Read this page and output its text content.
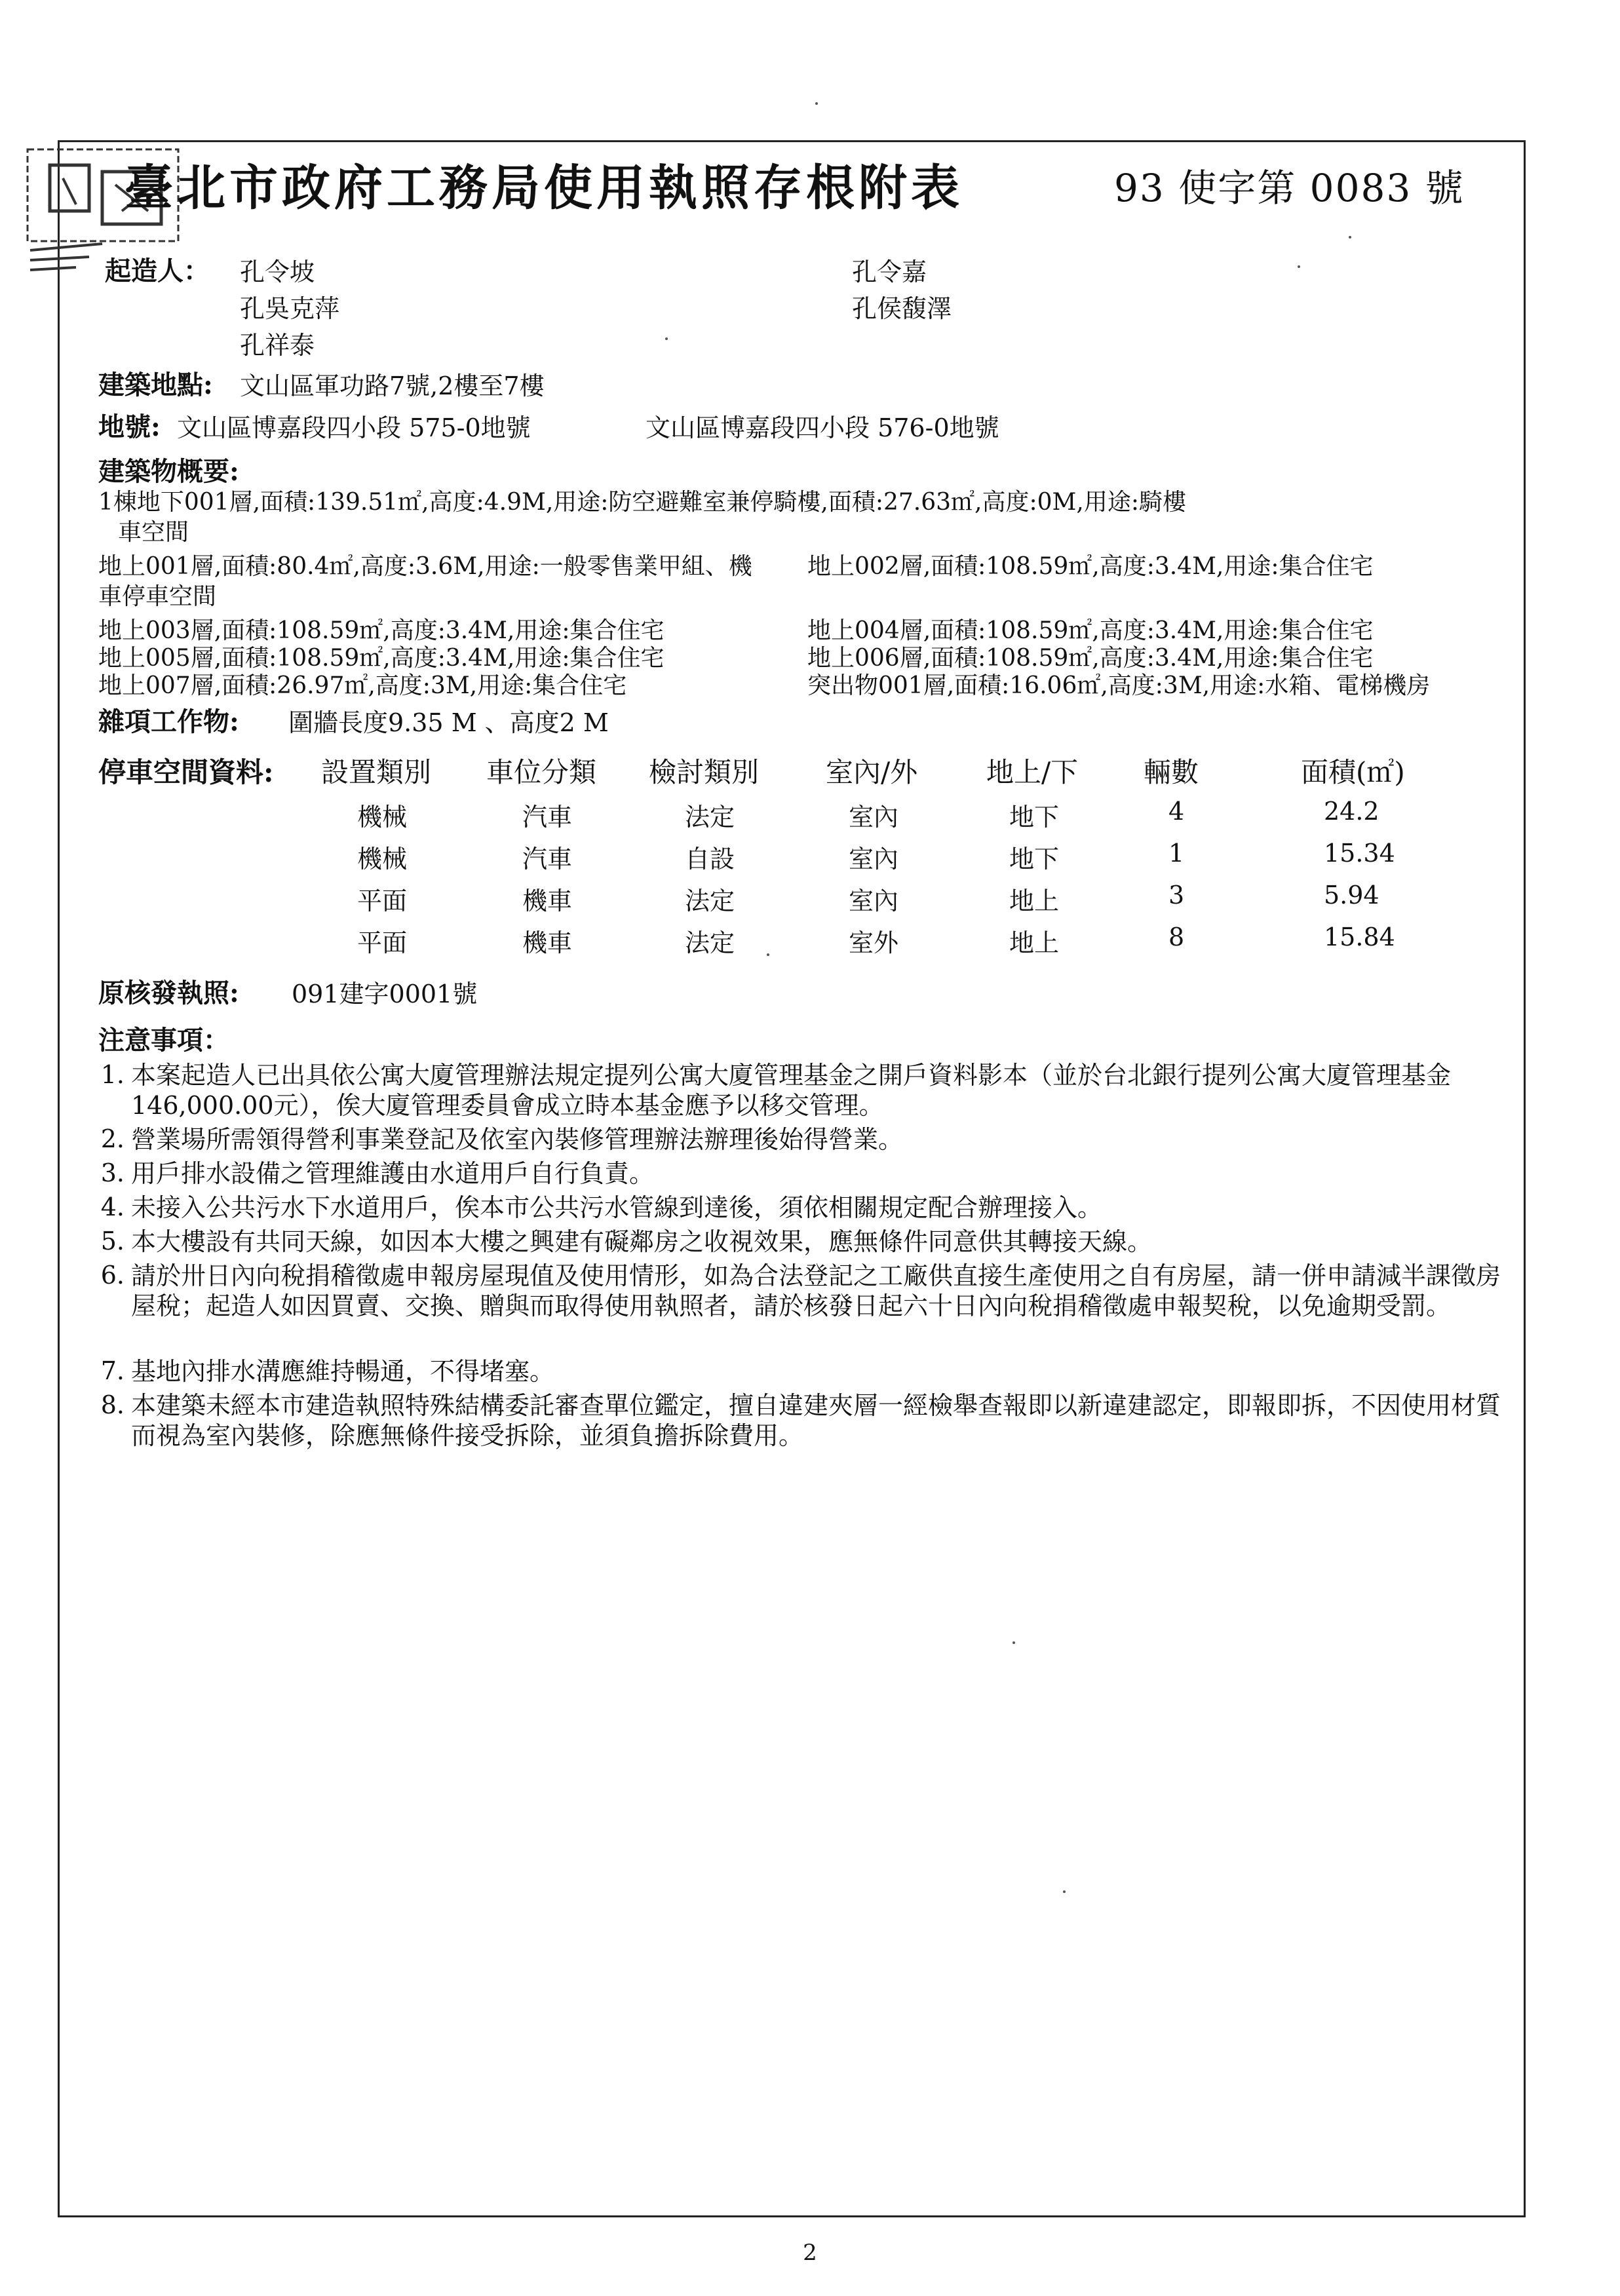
臺北市政府工務局使用執照存根附表	93 使字第 0083 號
起造人： 孔令坡	孔令嘉
孔吳克萍	孔侯馥澤
孔祥泰
建築地點: 文山區軍功路7號,2樓至7樓
地號: 文山區博嘉段四小段 575-0地號	文山區博嘉段四小段 576-0地號
建築物概要:
1棟地下001層,面積:139.51㎡,高度:4.9M,用途:防空避難室兼停騎樓,面積:27.63㎡,高度:0M,用途:騎樓
車空間
地上001層,面積:80.4㎡,高度:3.6M,用途:一般零售業甲組、機 地上002層,面積:108.59㎡,高度:3.4M,用途:集合住宅
車停車空間
地上003層,面積:108.59㎡,高度:3.4M,用途:集合住宅	地上004層,面積:108.59㎡,高度:3.4M,用途:集合住宅
地上005層,面積:108.59㎡,高度:3.4M,用途:集合住宅	地上006層,面積:108.59㎡,高度:3.4M,用途:集合住宅
地上007層,面積:26.97㎡,高度:3M,用途:集合住宅	突出物001層,面積:16.06㎡,高度:3M,用途:水箱、電梯機房
雜項工作物: 圍牆長度9.35 M 、高度2 M
停車空間資料: 設置類別 車位分類 檢討類別 室內/外 地上/下 輛數	面積(㎡)
機械	汽車	法定	室內	地下	4	24.2
機械	汽車	自設	室內	地下	1	15.34
平面	機車	法定	室內	地上	3	5.94
平面	機車	法定	室外	地上	8	15.84
原核發執照: 091建字0001號
注意事項：
1. 本案起造人已出具依公寓大廈管理辦法規定提列公寓大廈管理基金之開戶資料影本（並於台北銀行提列公寓大廈管理基金146,000.00元），俟大廈管理委員會成立時本基金應予以移交管理。
2. 營業場所需領得營利事業登記及依室內裝修管理辦法辦理後始得營業。
3. 用戶排水設備之管理維護由水道用戶自行負責。
4. 未接入公共污水下水道用戶，俟本市公共污水管線到達後，須依相關規定配合辦理接入。
5. 本大樓設有共同天線，如因本大樓之興建有礙鄰房之收視效果，應無條件同意供其轉接天線。
6. 請於卅日內向稅捐稽徵處申報房屋現值及使用情形，如為合法登記之工廠供直接生產使用之自有房屋，請一併申請減半課徵房屋稅；起造人如因買賣、交換、贈與而取得使用執照者，請於核發日起六十日內向稅捐稽徵處申報契稅，以免逾期受罰。
7. 基地內排水溝應維持暢通，不得堵塞。
8. 本建築未經本市建造執照特殊結構委託審查單位鑑定，擅自違建夾層一經檢舉查報即以新違建認定，即報即拆，不因使用材質而視為室內裝修，除應無條件接受拆除，並須負擔拆除費用。
2
